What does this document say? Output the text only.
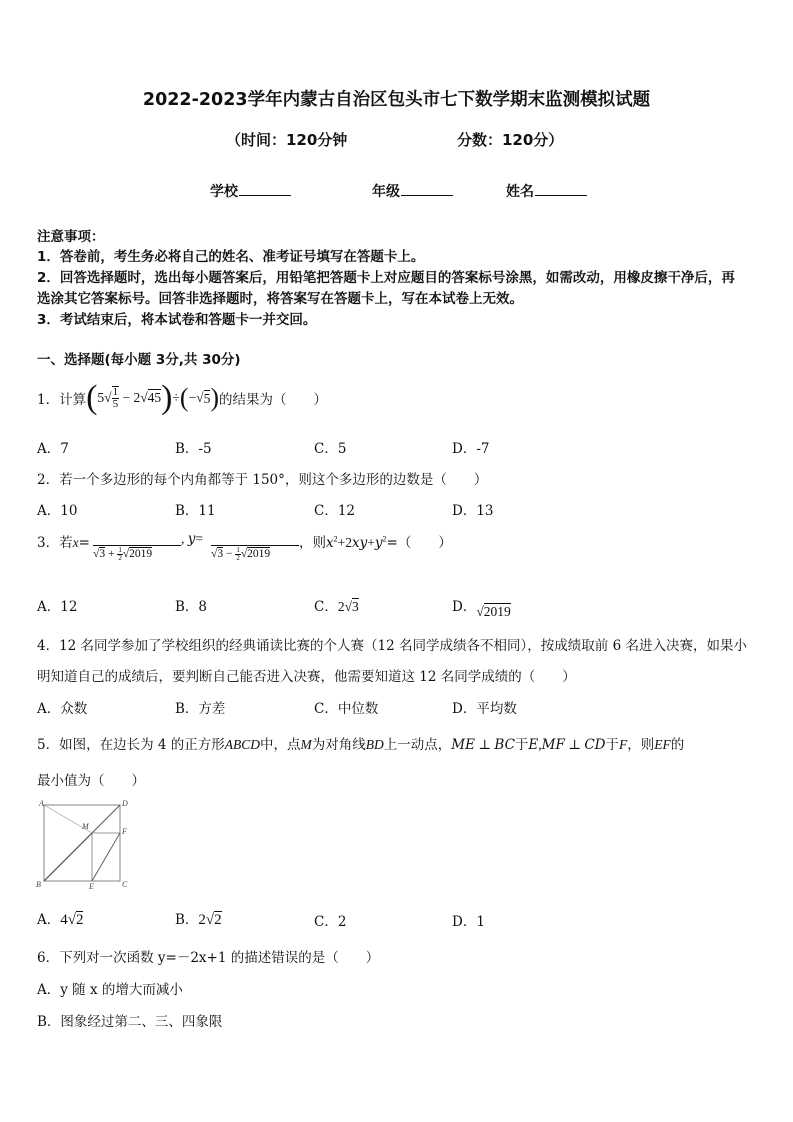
2022-2023学年内蒙古自治区包头市七下数学期末监测模拟试题
（时间：120分钟	分数：120分）
学校	年级	姓名
注意事项：
1．答卷前，考生务必将自己的姓名、准考证号填写在答题卡上。
2．回答选择题时，选出每小题答案后，用铅笔把答题卡上对应题目的答案标号涂黑，如需改动，用橡皮擦干净后，再
选涂其它答案标号。回答非选择题时，将答案写在答题卡上，写在本试卷上无效。
3．考试结束后，将本试卷和答题卡一并交回。
一、选择题(每小题 3分,共 30分)
1．计算 ( 5 √ $\frac{1}{5} - 2$ √45 ) ÷ ( −√ 5 ) 的结果为（　　）
A．7	B．-5	C．5	D．-7
2．若一个多边形的每个内角都等于 150°，则这个多边形的边数是（　　）
A．10	B．11	C．12	D．13
3．若x=
$√3 + \frac{1}{2} √2019$
, y=
$√3 - \frac{1}{2} √2019$
，则$x^2+2xy+y^2=$（　　）
A．12	B．8	C．2√3	D．√2019
4．12 名同学参加了学校组织的经典诵读比赛的个人赛（12 名同学成绩各不相同），按成绩取前 6 名进入决赛，如果小
明知道自己的成绩后，要判断自己能否进入决赛，他需要知道这 12 名同学成绩的（　　）
A．众数	B．方差	C．中位数	D．平均数
5．如图，在边长为 4 的正方形ABCD中，点M为对角线BD上一动点，ME ⊥ BC于E,MF ⊥ CD于F，则EF的
最小值为（　　）
A	D
M
F
B	E	C
A．4√2	B．2√2	C．2	D．1
6．下列对一次函数 y=－2x+1 的描述错误的是（　　）
A．y 随 x 的增大而减小
B．图象经过第二、三、四象限
